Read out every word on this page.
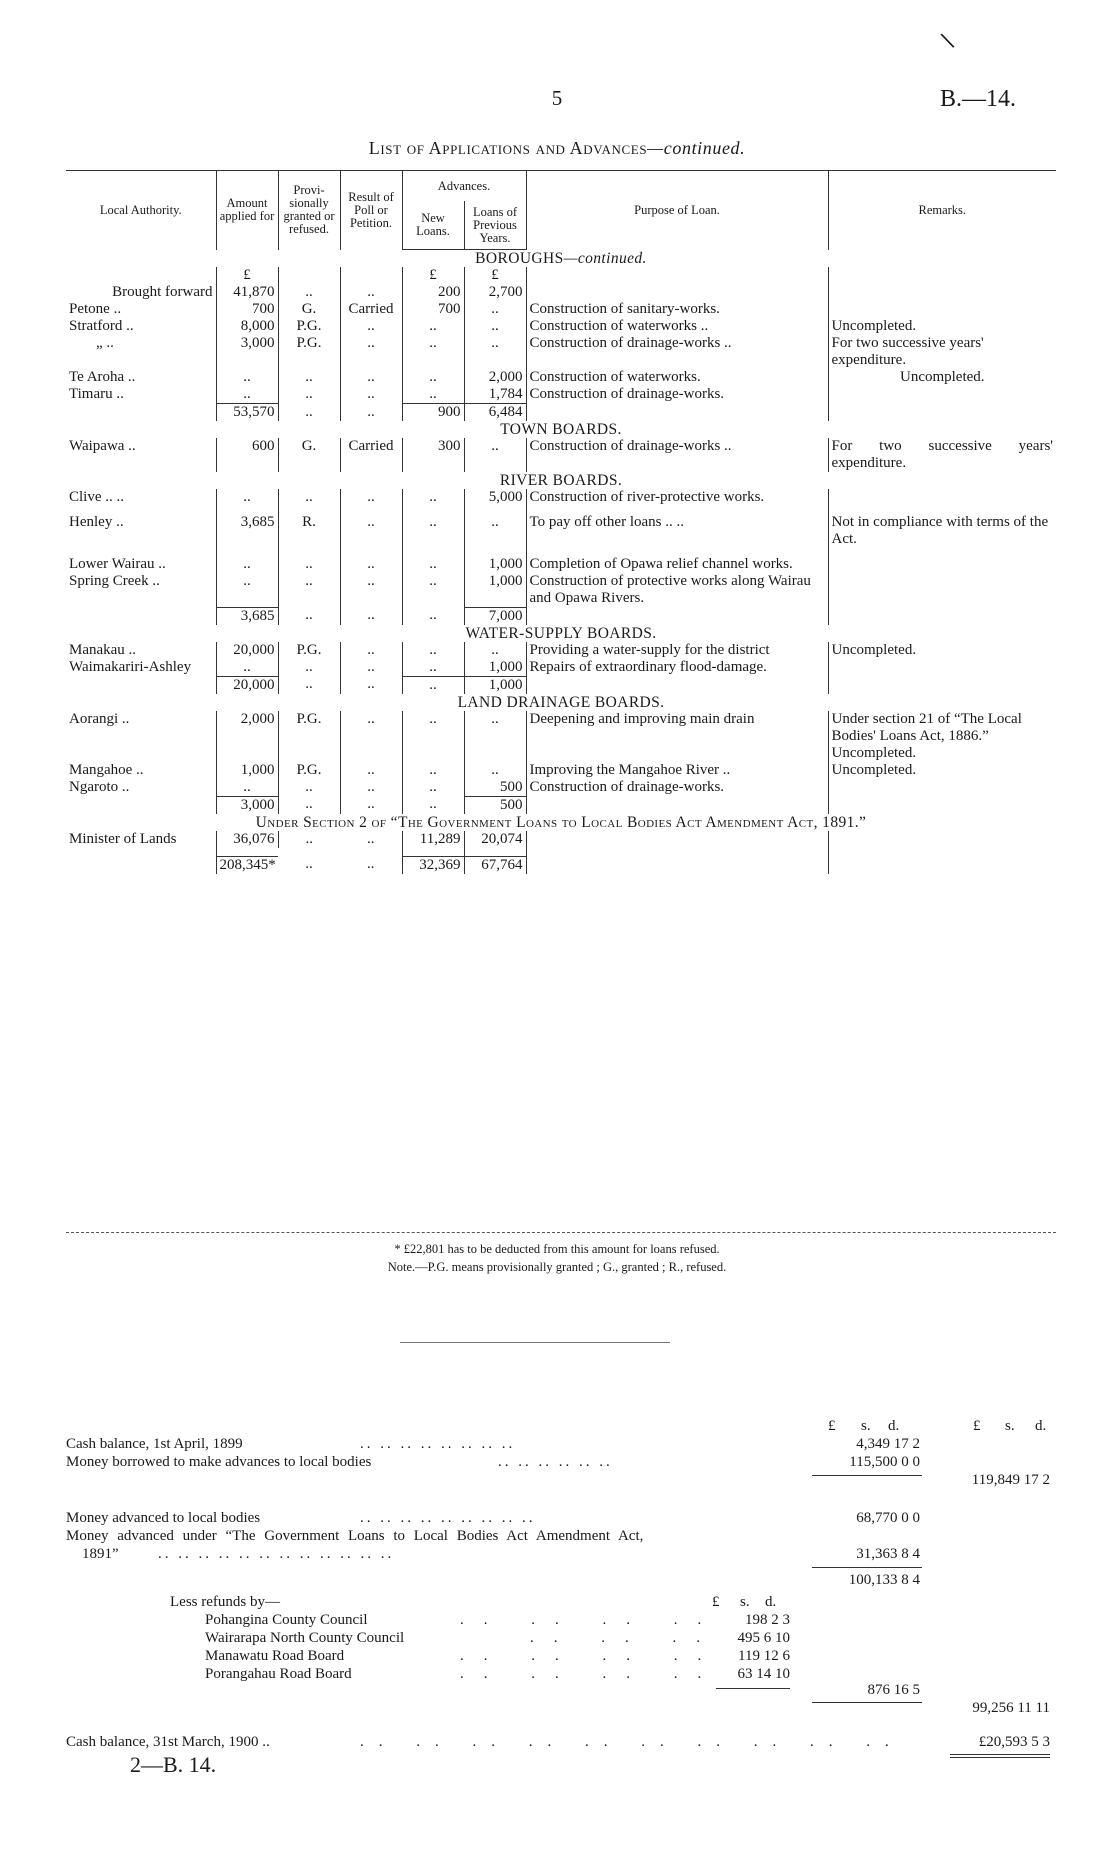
\
5	B.—14.
List of Applications and Advances—continued.
Local Authority.	Amount applied for	Provi- sionally granted or refused.	Result of Poll or Petition.	Advances.		Purpose of Loan.	Remarks.
				New Loans.	Loans of Previous Years.		
BOROUGHS—continued.							
	£			£	£		
Brought forward	41,870	..	..	200	2,700		
Petone ..	700	G.	Carried	700	..	Construction of sanitary-works.	
Stratford ..	8,000	P.G.	..	..	..	Construction of waterworks ..	Uncompleted.
„ ..	3,000	P.G.	..	..	..	Construction of drainage-works ..	For two successive years' expenditure.
Te Aroha ..	..	..	..	..	2,000	Construction of waterworks.	Uncompleted.
Timaru ..	..	..	..	..	1,784	Construction of drainage-works.	
	53,570	..	..	900	6,484		
TOWN BOARDS.							
Waipawa ..	600	G.	Carried	300	..	Construction of drainage-works ..	For two successive years' expenditure.
RIVER BOARDS.							
Clive .. ..	..	..	..	..	5,000	Construction of river-protective works.	

Henley ..	3,685	R.	..	..	..	To pay off other loans .. ..	Not in compliance with terms of the Act.

Lower Wairau ..	..	..	..	..	1,000	Completion of Opawa relief channel works.	
Spring Creek ..	..	..	..	..	1,000	Construction of protective works along Wairau and Opawa Rivers.	
	3,685	..	..	..	7,000		
WATER-SUPPLY BOARDS.							
Manakau ..	20,000	P.G.	..	..	..	Providing a water-supply for the district	Uncompleted.
Waimakariri-Ashley	..	..	..	..	1,000	Repairs of extraordinary flood-damage.	
	20,000	..	..	..	1,000		
LAND DRAINAGE BOARDS.							
Aorangi ..	2,000	P.G.	..	..	..	Deepening and improving main drain	Under section 21 of “The Local Bodies' Loans Act, 1886.” Uncompleted.
Mangahoe ..	1,000	P.G.	..	..	..	Improving the Mangahoe River ..	Uncompleted.
Ngaroto ..	..	..	..	..	500	Construction of drainage-works.	
	3,000	..	..	..	500		
Under Section 2 of “The Government Loans to Local Bodies Act Amendment Act, 1891.”							
Minister of Lands	36,076	..	..	11,289	20,074		

	208,345*	..	..	32,369	67,764		
* £22,801 has to be deducted from this amount for loans refused.
Note.—P.G. means provisionally granted ; G., granted ; R., refused.
£ s. d.	£ s. d.
Cash balance, 1st April, 1899	.. .. .. .. .. .. .. ..	4,349 17 2
Money borrowed to make advances to local bodies	.. .. .. .. .. ..	115,500 0 0
119,849 17 2
Money advanced to local bodies	.. .. .. .. .. .. .. .. ..	68,770 0 0
Money advanced under “The Government Loans to Local Bodies Act Amendment Act,
1891”	.. .. .. .. .. .. .. .. .. .. .. ..	31,363 8 4
100,133 8 4
Less refunds by—	£ s. d.
Pohangina County Council	.. .. .. ..	198 2 3
Wairarapa North County Council	.. .. ..	495 6 10
Manawatu Road Board	.. .. .. ..	119 12 6
Porangahau Road Board	.. .. .. ..	63 14 10
876 16 5
99,256 11 11
Cash balance, 31st March, 1900 ..	.. .. .. .. .. .. .. .. .. ..	£20,593 5 3
2—B. 14.
